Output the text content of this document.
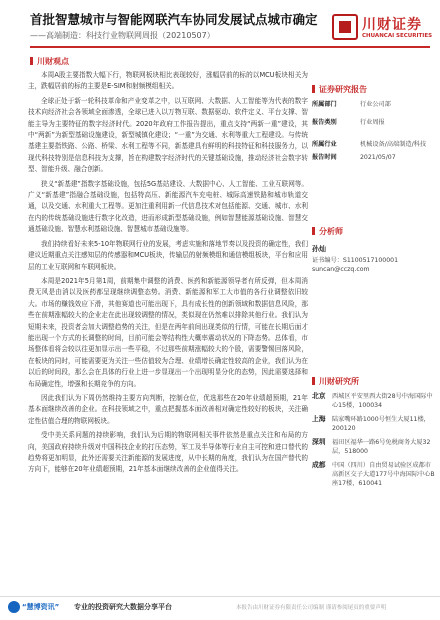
首批智慧城市与智能网联汽车协同发展试点城市确定
——高端制造：科技行业物联网周报（20210507）
川财证券
CHUANCAI SECURITIES
川财观点

本周A股主要指数大幅下行，物联网板块相比表现较好，涨幅居前的标的以MCU板块相关为主，跌幅居前的标的主要是E-SIM和射频模组相关。

全球正处于新一轮科技革命和产业变革之中，以互联网、大数据、人工智能等为代表的数字技术向经济社会各领域全面渗透，全球已进入以万物互联、数据驱动、软件定义、平台支撑、智能主导为主要特征的数字经济时代。2020年政府工作报告提出，重点支持“两新一重”建设，其中“两新”为新型基础设施建设，新型城镇化建设；“一重”为交通、水利等重大工程建设。与传统基建主要指铁路、公路、桥梁、水利工程等不同，新基建具有鲜明的科技特征和科技服务力，以现代科技特别是信息科技为支撑，旨在构建数字经济时代的关键基础设施，推动经济社会数字转型、智能升级、融合创新。

狭义“新基建”指数字基础设施，包括5G基站建设、大数据中心、人工智能、工业互联网等。广义“新基建”指融合基础设施，包括特高压、新能源汽车充电桩、城际高速铁路和城市轨道交通，以及交通、水利重大工程等。更加注重利用新一代信息技术对包括能源、交通、城市、水利在内的传统基础设施进行数字化改造，进而形成新型基础设施，例如智慧能源基础设施、智慧交通基础设施、智慧水利基础设施、智慧城市基础设施等。

我们持续看好未来5-10年物联网行业的发展，考虑实施和落地节奏以及投资的确定性，我们建议近期重点关注感知层的传感器和MCU板块，传输层的射频模组和通信模组板块，平台和应用层的工业互联网和车联网板块。

本周是2021年5月第1周，前期集中调整的消费、医药和新能源领导者有所反弹，但本周消费无风是由消以及医药都呈现继续调整态势。消费、新能源和军工大市值的各行业调整依旧较大。市场的赚钱效应下滑，其他赛道也可能出现下，具有成长性的创新领域和数据信息风险，那些在前期涨幅较大的企业走在此出现较调整的情况，类似现在仍然难以排除其他行业。我们认为短期未来，投资者会加大调整趋势的关注，但是在两年前间出现类似的行情，可能在长期后面才能出现一个方式的长调整的时间，目前可能会等结构性大概率震动状况的下降态势。总体看，市场整体看将会较以往更加显示出一些平稳，不过那些前期涨幅较大的个股，需要警惕回落风险，在板块的同时，可能需要更为关注一些估值较为合理、业绩增长确定性较高的企业，我们认为在以后的时间段，那么会在具体的行业上进一步显现出一个出现明显分化的态势，因此需要选择和布局确定性，增强和长期竞争的方向。

因此我们认为下周仍然维持主要方向判断，控制仓位，优选那些在20年业绩超预期，21年基本面继续改善的企业。在科技领域之中，重点把握基本面改善相对确定性较好的板块，关注确定性估值合理的物联网板块。

受中美关系问题的持续影响，我们认为后期的物联网相关事件依然是重点关注和布局的方向，美国政府持续升级对中国科技企业的打压态势，军工及半导体等行业自主可控和进口替代的趋势将更加明显，此外还需要关注新能源的发展进度，从中长期的角度，我们认为在国产替代的方向下，能够在20年业绩超预期，21年基本面继续改善的企业值得关注。

证券研究报告
所属部门	行业公司部
报告类别	行业周报
所属行业	机械设备/高端制造/科技
报告时间	2021/05/07
分析师
孙灿
证书编号：S1100517100001
suncan@cczq.com
川财研究所
北京	西城区平安里西大街28号中海国际中心15楼，100034
上海	陆家嘴环路1000号恒生大厦11楼，200120
深圳	福田区福华一路6号免税商务大厦32层，518000
成都	中国（四川）自由贸易试验区成都市高新区交子大道177号中海国际中心B座17楼，610041
“慧博资讯” 专业的投资研究大数据分享平台	本报告由川财证券有限责任公司编制 谨请参阅尾页的重要声明
